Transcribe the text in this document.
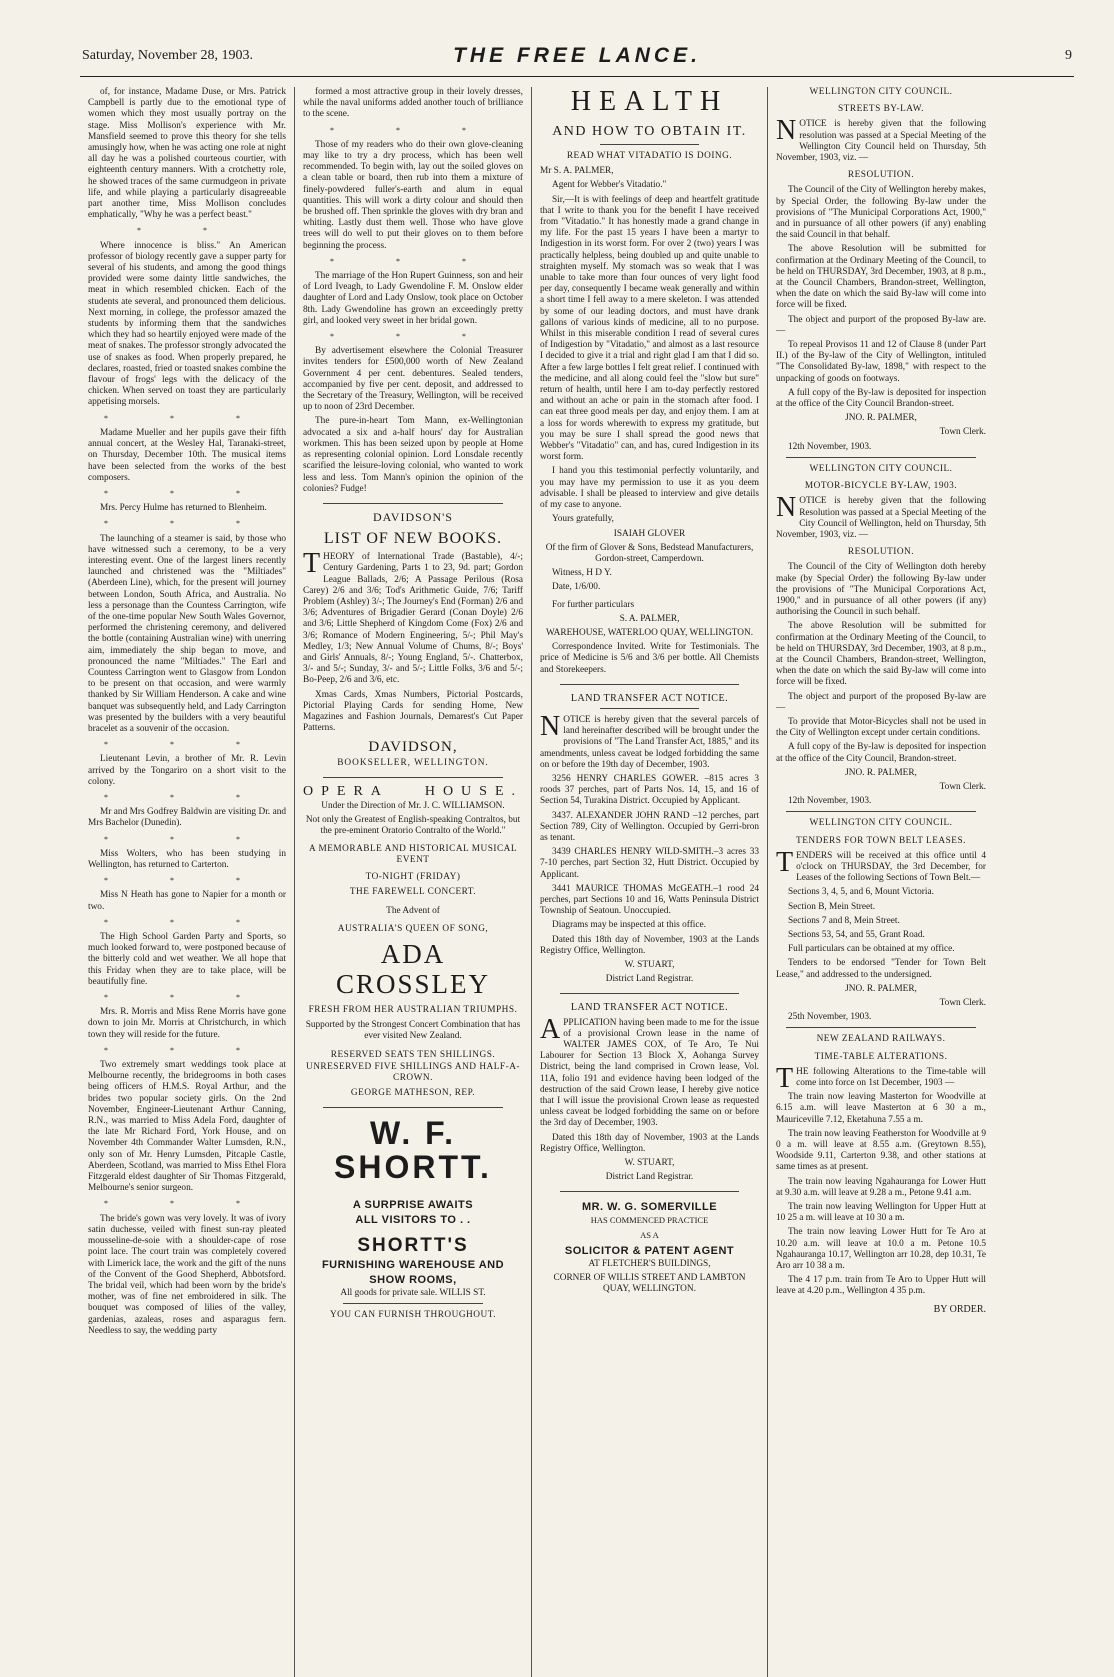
Saturday, November 28, 1903.	THE FREE LANCE.	9

of, for instance, Madame Duse, or Mrs. Patrick Campbell is partly due to the emotional type of women which they most usually portray on the stage. Miss Mollison's experience with Mr. Mansfield seemed to prove this theory for she tells amusingly how, when he was acting one role at night all day he was a polished courteous courtier, with eighteenth century manners. With a crotchetty role, he showed traces of the same curmudgeon in private life, and while playing a particularly disagreeable part another time, Miss Mollison concludes emphatically, "Why he was a perfect beast."

* *

Where innocence is bliss." An American professor of biology recently gave a supper party for several of his students, and among the good things provided were some dainty little sandwiches, the meat in which resembled chicken. Each of the students ate several, and pronounced them delicious. Next morning, in college, the professor amazed the students by informing them that the sandwiches which they had so heartily enjoyed were made of the meat of snakes. The professor strongly advocated the use of snakes as food. When properly prepared, he declares, roasted, fried or toasted snakes combine the flavour of frogs' legs with the delicacy of the chicken. When served on toast they are particularly appetising morsels.

* * *

Madame Mueller and her pupils gave their fifth annual concert, at the Wesley Hal, Taranaki-street, on Thursday, December 10th. The musical items have been selected from the works of the best composers.

* * *

Mrs. Percy Hulme has returned to Blenheim.

* * *

The launching of a steamer is said, by those who have witnessed such a ceremony, to be a very interesting event. One of the largest liners recently launched and christened was the "Miltiades" (Aberdeen Line), which, for the present will journey between London, South Africa, and Australia. No less a personage than the Countess Carrington, wife of the one-time popular New South Wales Governor, performed the christening ceremony, and delivered the bottle (containing Australian wine) with unerring aim, immediately the ship began to move, and pronounced the name "Miltiades." The Earl and Countess Carrington went to Glasgow from London to be present on that occasion, and were warmly thanked by Sir William Henderson. A cake and wine banquet was subsequently held, and Lady Carrington was presented by the builders with a very beautiful bracelet as a souvenir of the occasion.

* * *

Lieutenant Levin, a brother of Mr. R. Levin arrived by the Tongariro on a short visit to the colony.

* * *

Mr and Mrs Godfrey Baldwin are visiting Dr. and Mrs Bachelor (Dunedin).

* * *

Miss Wolters, who has been studying in Wellington, has returned to Carterton.

* * *

Miss N Heath has gone to Napier for a month or two.

* * *

The High School Garden Party and Sports, so much looked forward to, were postponed because of the bitterly cold and wet weather. We all hope that this Friday when they are to take place, will be beautifully fine.

* * *

Mrs. R. Morris and Miss Rene Morris have gone down to join Mr. Morris at Christchurch, in which town they will reside for the future.

* * *

Two extremely smart weddings took place at Melbourne recently, the bridegrooms in both cases being officers of H.M.S. Royal Arthur, and the brides two popular society girls. On the 2nd November, Engineer-Lieutenant Arthur Canning, R.N., was married to Miss Adela Ford, daughter of the late Mr Richard Ford, York House, and on November 4th Commander Walter Lumsden, R.N., only son of Mr. Henry Lumsden, Pitcaple Castle, Aberdeen, Scotland, was married to Miss Ethel Flora Fitzgerald eldest daughter of Sir Thomas Fitzgerald, Melbourne's senior surgeon.

* * *

The bride's gown was very lovely. It was of ivory satin duchesse, veiled with finest sun-ray pleated mousseline-de-soie with a shoulder-cape of rose point lace. The court train was completely covered with Limerick lace, the work and the gift of the nuns of the Convent of the Good Shepherd, Abbotsford. The bridal veil, which had been worn by the bride's mother, was of fine net embroidered in silk. The bouquet was composed of lilies of the valley, gardenias, azaleas, roses and asparagus fern. Needless to say, the wedding party

formed a most attractive group in their lovely dresses, while the naval uniforms added another touch of brilliance to the scene.

* * *

Those of my readers who do their own glove-cleaning may like to try a dry process, which has been well recommended. To begin with, lay out the soiled gloves on a clean table or board, then rub into them a mixture of finely-powdered fuller's-earth and alum in equal quantities. This will work a dirty colour and should then be brushed off. Then sprinkle the gloves with dry bran and whiting. Lastly dust them well. Those who have glove trees will do well to put their gloves on to them before beginning the process.

* * *

The marriage of the Hon Rupert Guinness, son and heir of Lord Iveagh, to Lady Gwendoline F. M. Onslow elder daughter of Lord and Lady Onslow, took place on October 8th. Lady Gwendoline has grown an exceedingly pretty girl, and looked very sweet in her bridal gown.

* * *

By advertisement elsewhere the Colonial Treasurer invites tenders for £500,000 worth of New Zealand Government 4 per cent. debentures. Sealed tenders, accompanied by five per cent. deposit, and addressed to the Secretary of the Treasury, Wellington, will be received up to noon of 23rd December.

The pure-in-heart Tom Mann, ex-Wellingtonian advocated a six and a-half hours' day for Australian workmen. This has been seized upon by people at Home as representing colonial opinion. Lord Lonsdale recently scarified the leisure-loving colonial, who wanted to work less and less. Tom Mann's opinion the opinion of the colonies? Fudge!

DAVIDSON'S
LIST OF NEW BOOKS.

THEORY of International Trade (Bastable), 4/-; Century Gardening, Parts 1 to 23, 9d. part; Gordon League Ballads, 2/6; A Passage Perilous (Rosa Carey) 2/6 and 3/6; Tod's Arithmetic Guide, 7/6; Tariff Problem (Ashley) 3/-; The Journey's End (Forman) 2/6 and 3/6; Adventures of Brigadier Gerard (Conan Doyle) 2/6 and 3/6; Little Shepherd of Kingdom Come (Fox) 2/6 and 3/6; Romance of Modern Engineering, 5/-; Phil May's Medley, 1/3; New Annual Volume of Chums, 8/-; Boys' and Girls' Annuals, 8/-; Young England, 5/-. Chatterbox, 3/- and 5/-; Sunday, 3/- and 5/-; Little Folks, 3/6 and 5/-; Bo-Peep, 2/6 and 3/6, etc.

Xmas Cards, Xmas Numbers, Pictorial Postcards, Pictorial Playing Cards for sending Home, New Magazines and Fashion Journals, Demarest's Cut Paper Patterns.

DAVIDSON,
BOOKSELLER, WELLINGTON.
OPERA HOUSE.

Under the Direction of Mr. J. C. WILLIAMSON.

Not only the Greatest of English-speaking Contraltos, but the pre-eminent Oratorio Contralto of the World."

A MEMORABLE AND HISTORICAL MUSICAL EVENT
TO-NIGHT (FRIDAY)
THE FAREWELL CONCERT.

The Advent of

AUSTRALIA'S QUEEN OF SONG,
ADA CROSSLEY
FRESH FROM HER AUSTRALIAN TRIUMPHS.

Supported by the Strongest Concert Combination that has ever visited New Zealand.

RESERVED SEATS TEN SHILLINGS. UNRESERVED FIVE SHILLINGS AND HALF-A-CROWN.
GEORGE MATHESON, REP.
W. F. SHORTT.
A SURPRISE AWAITS
ALL VISITORS TO . .
SHORTT'S
FURNISHING WAREHOUSE AND
SHOW ROOMS,

All goods for private sale. WILLIS ST.

YOU CAN FURNISH THROUGHOUT.
HEALTH
AND HOW TO OBTAIN IT.
READ WHAT VITADATIO IS DOING.

Mr S. A. PALMER,

Agent for Webber's Vitadatio."

Sir,—It is with feelings of deep and heartfelt gratitude that I write to thank you for the benefit I have received from "Vitadatio." It has honestly made a grand change in my life. For the past 15 years I have been a martyr to Indigestion in its worst form. For over 2 (two) years I was practically helpless, being doubled up and quite unable to straighten myself. My stomach was so weak that I was unable to take more than four ounces of very light food per day, consequently I became weak generally and within a short time I fell away to a mere skeleton. I was attended by some of our leading doctors, and must have drank gallons of various kinds of medicine, all to no purpose. Whilst in this miserable condition I read of several cures of Indigestion by "Vitadatio," and almost as a last resource I decided to give it a trial and right glad I am that I did so. After a few large bottles I felt great relief. I continued with the medicine, and all along could feel the "slow but sure" return of health, until here I am to-day perfectly restored and without an ache or pain in the stomach after food. I can eat three good meals per day, and enjoy them. I am at a loss for words wherewith to express my gratitude, but you may be sure I shall spread the good news that Webber's "Vitadatio" can, and has, cured Indigestion in its worst form.

I hand you this testimonial perfectly voluntarily, and you may have my permission to use it as you deem advisable. I shall be pleased to interview and give details of my case to anyone.

Yours gratefully,

ISAIAH GLOVER

Of the firm of Glover & Sons, Bedstead Manufacturers, Gordon-street, Camperdown.

Witness, H D Y.

Date, 1/6/00.

For further particulars

S. A. PALMER,

WAREHOUSE, WATERLOO QUAY, WELLINGTON.

Correspondence Invited. Write for Testimonials. The price of Medicine is 5/6 and 3/6 per bottle. All Chemists and Storekeepers.

LAND TRANSFER ACT NOTICE.

NOTICE is hereby given that the several parcels of land hereinafter described will be brought under the provisions of "The Land Transfer Act, 1885," and its amendments, unless caveat be lodged forbidding the same on or before the 19th day of December, 1903.

3256 HENRY CHARLES GOWER. –815 acres 3 roods 37 perches, part of Parts Nos. 14, 15, and 16 of Section 54, Turakina District. Occupied by Applicant.

3437. ALEXANDER JOHN RAND –12 perches, part Section 789, City of Wellington. Occupied by Gerri-bron as tenant.

3439 CHARLES HENRY WILD-SMITH.–3 acres 33 7-10 perches, part Section 32, Hutt District. Occupied by Applicant.

3441 MAURICE THOMAS McGEATH.–1 rood 24 perches, part Sections 10 and 16, Watts Peninsula District Township of Seatoun. Unoccupied.

Diagrams may be inspected at this office.

Dated this 18th day of November, 1903 at the Lands Registry Office, Wellington.

W. STUART,

District Land Registrar.

LAND TRANSFER ACT NOTICE.

APPLICATION having been made to me for the issue of a provisional Crown lease in the name of WALTER JAMES COX, of Te Aro, Te Nui Labourer for Section 13 Block X, Aohanga Survey District, being the land comprised in Crown lease, Vol. 11A, folio 191 and evidence having been lodged of the destruction of the said Crown lease, I hereby give notice that I will issue the provisional Crown lease as requested unless caveat be lodged forbidding the same on or before the 3rd day of December, 1903.

Dated this 18th day of November, 1903 at the Lands Registry Office, Wellington.

W. STUART,

District Land Registrar.

MR. W. G. SOMERVILLE

HAS COMMENCED PRACTICE

AS A

SOLICITOR & PATENT AGENT

AT FLETCHER'S BUILDINGS,

CORNER OF WILLIS STREET AND LAMBTON QUAY, WELLINGTON.

WELLINGTON CITY COUNCIL.
STREETS BY-LAW.

NOTICE is hereby given that the following resolution was passed at a Special Meeting of the Wellington City Council held on Thursday, 5th November, 1903, viz. —

RESOLUTION.

The Council of the City of Wellington hereby makes, by Special Order, the following By-law under the provisions of "The Municipal Corporations Act, 1900," and in pursuance of all other powers (if any) enabling the said Council in that behalf.

The above Resolution will be submitted for confirmation at the Ordinary Meeting of the Council, to be held on THURSDAY, 3rd December, 1903, at 8 p.m., at the Council Chambers, Brandon-street, Wellington, when the date on which the said By-law will come into force will be fixed.

The object and purport of the proposed By-law are. —

To repeal Provisos 11 and 12 of Clause 8 (under Part II.) of the By-law of the City of Wellington, intituled "The Consolidated By-law, 1898," with respect to the unpacking of goods on footways.

A full copy of the By-law is deposited for inspection at the office of the City Council Brandon-street.

JNO. R. PALMER,

Town Clerk.

12th November, 1903.

WELLINGTON CITY COUNCIL.
MOTOR-BICYCLE BY-LAW, 1903.

NOTICE is hereby given that the following Resolution was passed at a Special Meeting of the City Council of Wellington, held on Thursday, 5th November, 1903, viz. —

RESOLUTION.

The Council of the City of Wellington doth hereby make (by Special Order) the following By-law under the provisions of "The Municipal Corporations Act, 1900," and in pursuance of all other powers (if any) authorising the Council in such behalf.

The above Resolution will be submitted for confirmation at the Ordinary Meeting of the Council, to be held on THURSDAY, 3rd December, 1903, at 8 p.m., at the Council Chambers, Brandon-street, Wellington, when the date on which the said By-law will come into force will be fixed.

The object and purport of the proposed By-law are —

To provide that Motor-Bicycles shall not be used in the City of Wellington except under certain conditions.

A full copy of the By-law is deposited for inspection at the office of the City Council, Brandon-street.

JNO. R. PALMER,

Town Clerk.

12th November, 1903.

WELLINGTON CITY COUNCIL.
TENDERS FOR TOWN BELT LEASES.

TENDERS will be received at this office until 4 o'clock on THURSDAY, the 3rd December, for Leases of the following Sections of Town Belt.—

Sections 3, 4, 5, and 6, Mount Victoria.

Section B, Mein Street.

Sections 7 and 8, Mein Street.

Sections 53, 54, and 55, Grant Road.

Full particulars can be obtained at my office.

Tenders to be endorsed "Tender for Town Belt Lease," and addressed to the undersigned.

JNO. R. PALMER,

Town Clerk.

25th November, 1903.

NEW ZEALAND RAILWAYS.
TIME-TABLE ALTERATIONS.

THE following Alterations to the Time-table will come into force on 1st December, 1903 —

The train now leaving Masterton for Woodville at 6.15 a.m. will leave Masterton at 6 30 a m., Mauriceville 7.12, Eketahuna 7.55 a m.

The train now leaving Featherston for Woodville at 9 0 a m. will leave at 8.55 a.m. (Greytown 8.55), Woodside 9.11, Carterton 9.38, and other stations at same times as at present.

The train now leaving Ngahauranga for Lower Hutt at 9.30 a.m. will leave at 9.28 a m., Petone 9.41 a.m.

The train now leaving Wellington for Upper Hutt at 10 25 a m. will leave at 10 30 a m.

The train now leaving Lower Hutt for Te Aro at 10.20 a.m. will leave at 10.0 a m. Petone 10.5 Ngahauranga 10.17, Wellington arr 10.28, dep 10.31, Te Aro arr 10 38 a m.

The 4 17 p.m. train from Te Aro to Upper Hutt will leave at 4.20 p.m., Wellington 4 35 p.m.

BY ORDER.
